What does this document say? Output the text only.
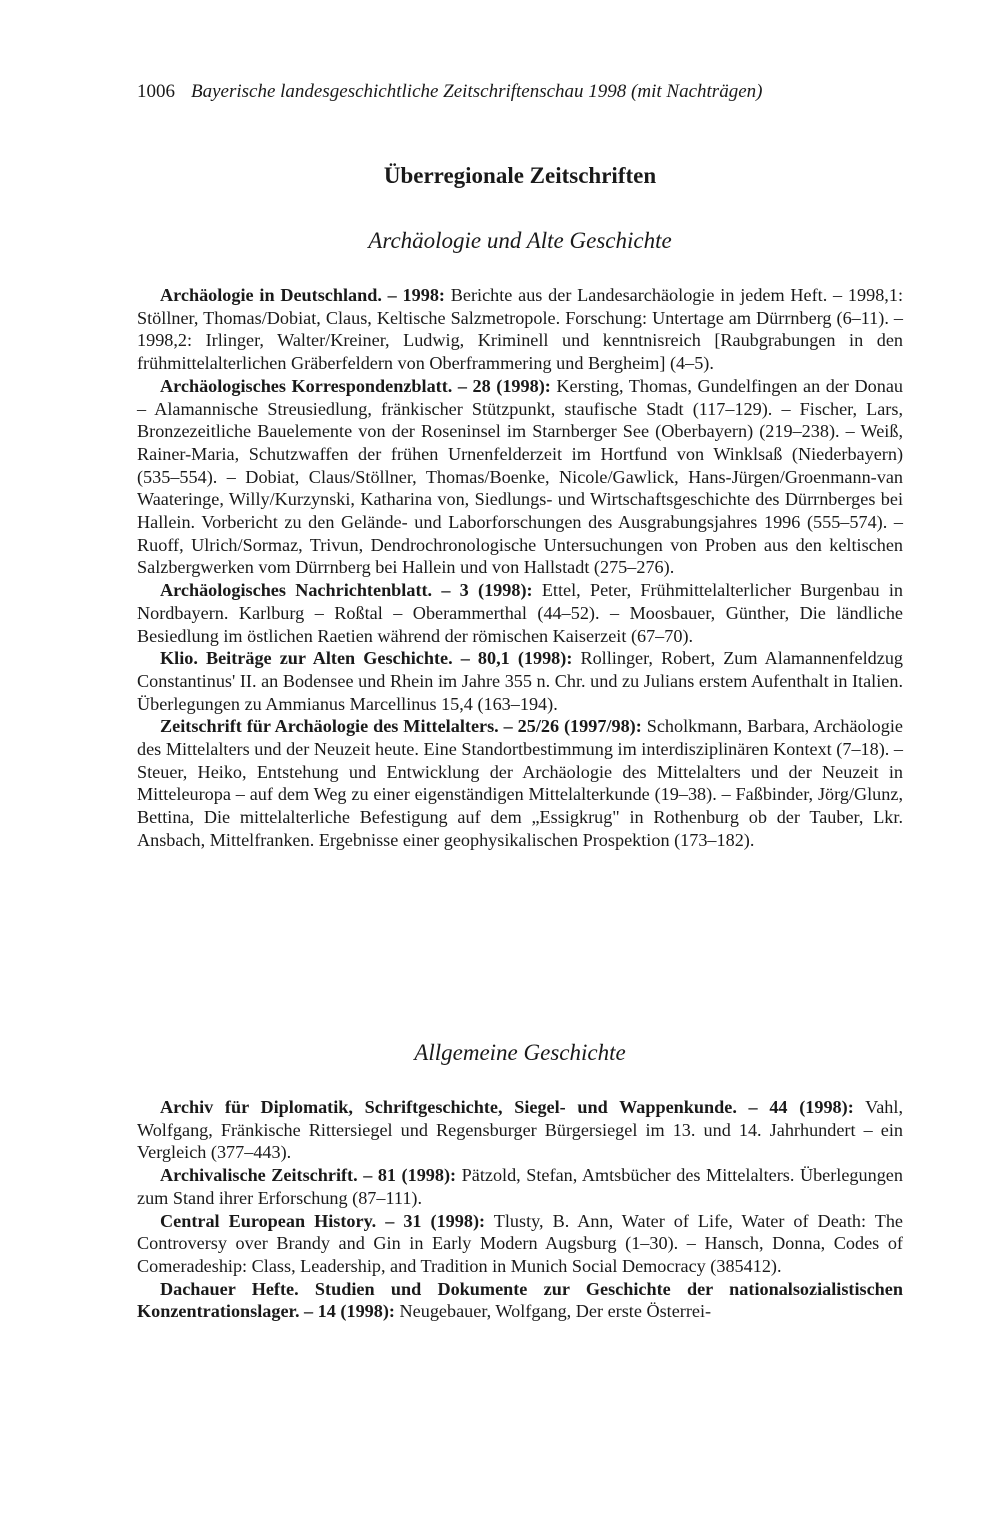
1006 Bayerische landesgeschichtliche Zeitschriftenschau 1998 (mit Nachträgen)
Überregionale Zeitschriften
Archäologie und Alte Geschichte

Archäologie in Deutschland. – 1998: Berichte aus der Landesarchäologie in jedem Heft. – 1998,1: Stöllner, Thomas/Dobiat, Claus, Keltische Salzmetropole. Forschung: Untertage am Dürrnberg (6–11). – 1998,2: Irlinger, Walter/Kreiner, Ludwig, Kriminell und kenntnisreich [Raubgrabungen in den frühmittelalterlichen Gräberfeldern von Oberframmering und Bergheim] (4–5).

Archäologisches Korrespondenzblatt. – 28 (1998): Kersting, Thomas, Gundelfingen an der Donau – Alamannische Streusiedlung, fränkischer Stützpunkt, staufische Stadt (117–129). – Fischer, Lars, Bronzezeitliche Bauelemente von der Roseninsel im Starnberger See (Oberbayern) (219–238). – Weiß, Rainer-Maria, Schutzwaffen der frühen Urnenfelderzeit im Hortfund von Winklsaß (Niederbayern) (535–554). – Dobiat, Claus/Stöllner, Thomas/Boenke, Nicole/Gawlick, Hans-Jürgen/Groenmann-van Waateringe, Willy/Kurzynski, Katharina von, Siedlungs- und Wirtschaftsgeschichte des Dürrnberges bei Hallein. Vorbericht zu den Gelände- und Laborforschungen des Ausgrabungsjahres 1996 (555–574). – Ruoff, Ulrich/Sormaz, Trivun, Dendrochronologische Untersuchungen von Proben aus den keltischen Salzbergwerken vom Dürrnberg bei Hallein und von Hallstadt (275–276).

Archäologisches Nachrichtenblatt. – 3 (1998): Ettel, Peter, Frühmittelalterlicher Burgenbau in Nordbayern. Karlburg – Roßtal – Oberammerthal (44–52). – Moosbauer, Günther, Die ländliche Besiedlung im östlichen Raetien während der römischen Kaiserzeit (67–70).

Klio. Beiträge zur Alten Geschichte. – 80,1 (1998): Rollinger, Robert, Zum Alamannenfeldzug Constantinus' II. an Bodensee und Rhein im Jahre 355 n. Chr. und zu Julians erstem Aufenthalt in Italien. Überlegungen zu Ammianus Marcellinus 15,4 (163–194).

Zeitschrift für Archäologie des Mittelalters. – 25/26 (1997/98): Scholkmann, Barbara, Archäologie des Mittelalters und der Neuzeit heute. Eine Standortbestimmung im interdisziplinären Kontext (7–18). – Steuer, Heiko, Entstehung und Entwicklung der Archäologie des Mittelalters und der Neuzeit in Mitteleuropa – auf dem Weg zu einer eigenständigen Mittelalterkunde (19–38). – Faßbinder, Jörg/Glunz, Bettina, Die mittelalterliche Befestigung auf dem „Essigkrug" in Rothenburg ob der Tauber, Lkr. Ansbach, Mittelfranken. Ergebnisse einer geophysikalischen Prospektion (173–182).

Allgemeine Geschichte

Archiv für Diplomatik, Schriftgeschichte, Siegel- und Wappenkunde. – 44 (1998): Vahl, Wolfgang, Fränkische Rittersiegel und Regensburger Bürgersiegel im 13. und 14. Jahrhundert – ein Vergleich (377–443).

Archivalische Zeitschrift. – 81 (1998): Pätzold, Stefan, Amtsbücher des Mittelalters. Überlegungen zum Stand ihrer Erforschung (87–111).

Central European History. – 31 (1998): Tlusty, B. Ann, Water of Life, Water of Death: The Controversy over Brandy and Gin in Early Modern Augsburg (1–30). – Hansch, Donna, Codes of Comeradeship: Class, Leadership, and Tradition in Munich Social Democracy (385412).

Dachauer Hefte. Studien und Dokumente zur Geschichte der nationalsozialistischen Konzentrationslager. – 14 (1998): Neugebauer, Wolfgang, Der erste Österrei-
